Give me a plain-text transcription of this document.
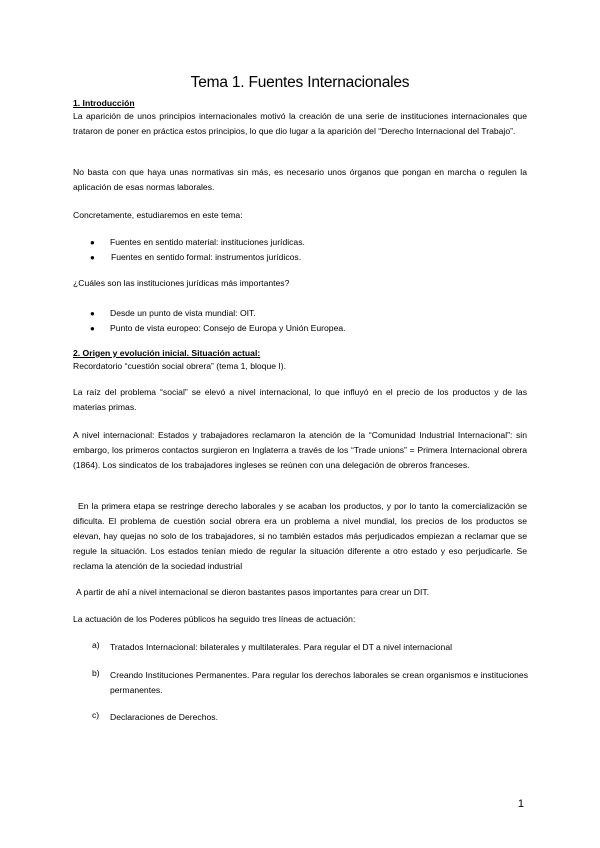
Tema 1. Fuentes Internacionales

1. Introducción

La aparición de unos principios internacionales motivó la creación de una serie de instituciones internacionales que trataron de poner en práctica estos principios, lo que dio lugar a la aparición del “Derecho Internacional del Trabajo”.

No basta con que haya unas normativas sin más, es necesario unos órganos que pongan en marcha o regulen la aplicación de esas normas laborales.

Concretamente, estudiaremos en este tema:

● Fuentes en sentido material: instituciones jurídicas.
● Fuentes en sentido formal: instrumentos jurídicos.

¿Cuáles son las instituciones jurídicas más importantes?

● Desde un punto de vista mundial: OIT.
● Punto de vista europeo: Consejo de Europa y Unión Europea.

2. Origen y evolución inicial. Situación actual:

Recordatorio “cuestión social obrera” (tema 1, bloque I).

La raíz del problema “social” se elevó a nivel internacional, lo que influyó en el precio de los productos y de las materias primas.

A nivel internacional: Estados y trabajadores reclamaron la atención de la “Comunidad Industrial Internacional”: sin embargo, los primeros contactos surgieron en Inglaterra a través de los “Trade unions” = Primera Internacional obrera (1864). Los sindicatos de los trabajadores ingleses se reúnen con una delegación de obreros franceses.

En la primera etapa se restringe derecho laborales y se acaban los productos, y por lo tanto la comercialización se dificulta. El problema de cuestión social obrera era un problema a nivel mundial, los precios de los productos se elevan, hay quejas no solo de los trabajadores, si no también estados más perjudicados empiezan a reclamar que se regule la situación. Los estados tenían miedo de regular la situación diferente a otro estado y eso perjudicarle. Se reclama la atención de la sociedad industrial

A partir de ahí a nivel internacional se dieron bastantes pasos importantes para crear un DIT.

La actuación de los Poderes públicos ha seguido tres líneas de actuación:

a) Tratados Internacional: bilaterales y multilaterales. Para regular el DT a nivel internacional
b) Creando Instituciones Permanentes. Para regular los derechos laborales se crean organismos e instituciones permanentes.
c) Declaraciones de Derechos.
1
